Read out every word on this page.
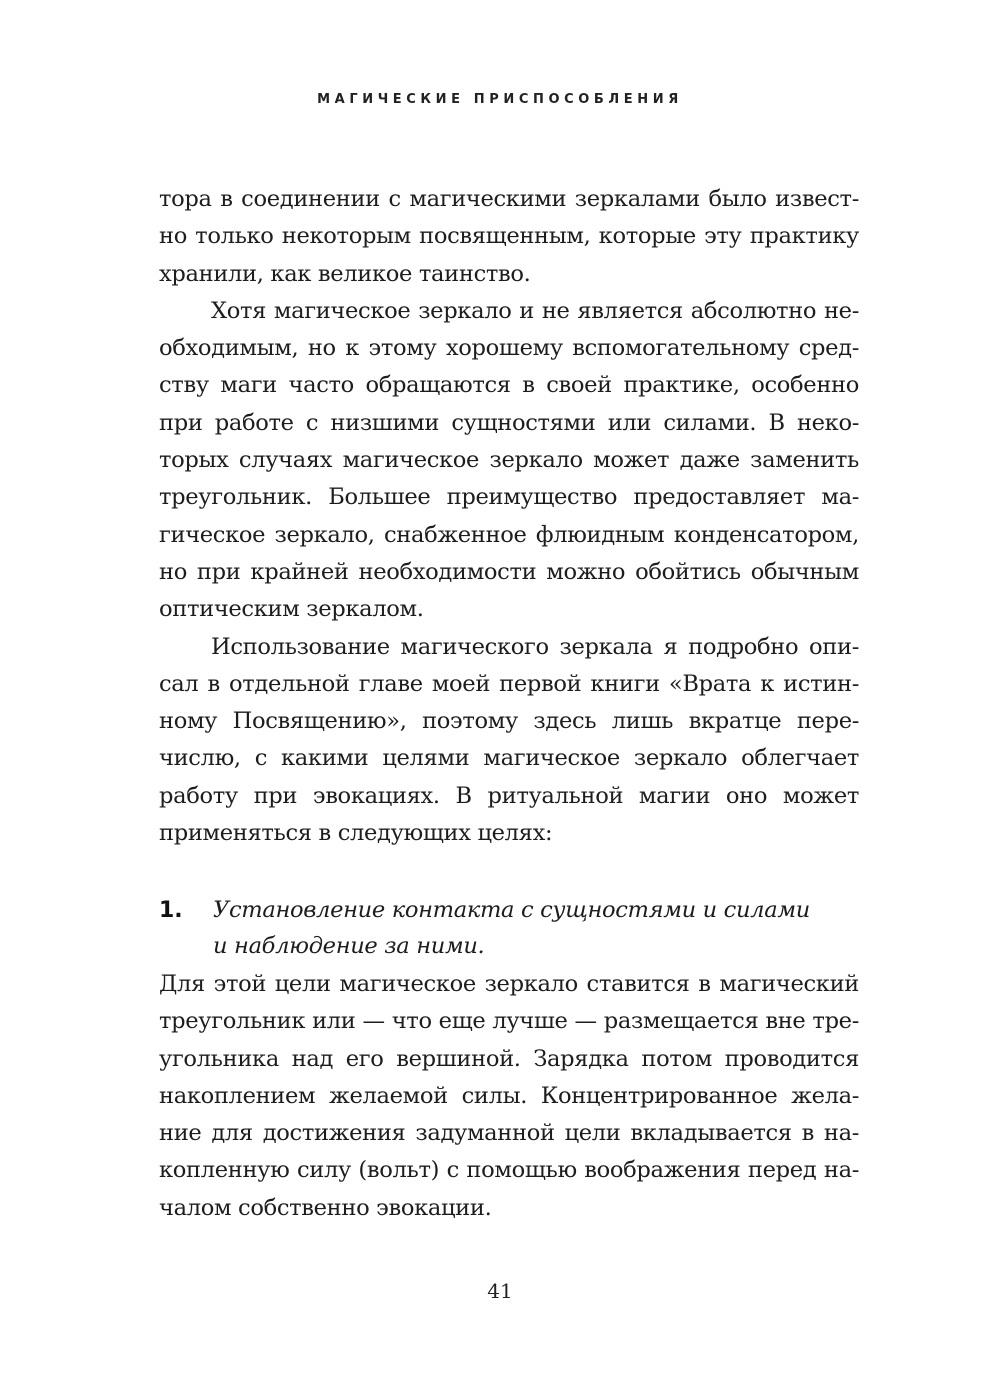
МАГИЧЕСКИЕ ПРИСПОСОБЛЕНИЯ
тора в соединении с магическими зеркалами было извест-
но только некоторым посвященным, которые эту практику
хранили, как великое таинство.
Хотя магическое зеркало и не является абсолютно не-
обходимым, но к этому хорошему вспомогательному сред-
ству маги часто обращаются в своей практике, особенно
при работе с низшими сущностями или силами. В неко-
торых случаях магическое зеркало может даже заменить
треугольник. Большее преимущество предоставляет ма-
гическое зеркало, снабженное флюидным конденсатором,
но при крайней необходимости можно обойтись обычным
оптическим зеркалом.
Использование магического зеркала я подробно опи-
сал в отдельной главе моей первой книги «Врата к истин-
ному Посвящению», поэтому здесь лишь вкратце пере-
числю, с какими целями магическое зеркало облегчает
работу при эвокациях. В ритуальной магии оно может
применяться в следующих целях:
1. Установление контакта с сущностями и силами
и наблюдение за ними.
Для этой цели магическое зеркало ставится в магический
треугольник или — что еще лучше — размещается вне тре-
угольника над его вершиной. Зарядка потом проводится
накоплением желаемой силы. Концентрированное жела-
ние для достижения задуманной цели вкладывается в на-
копленную силу (вольт) с помощью воображения перед на-
чалом собственно эвокации.
41
